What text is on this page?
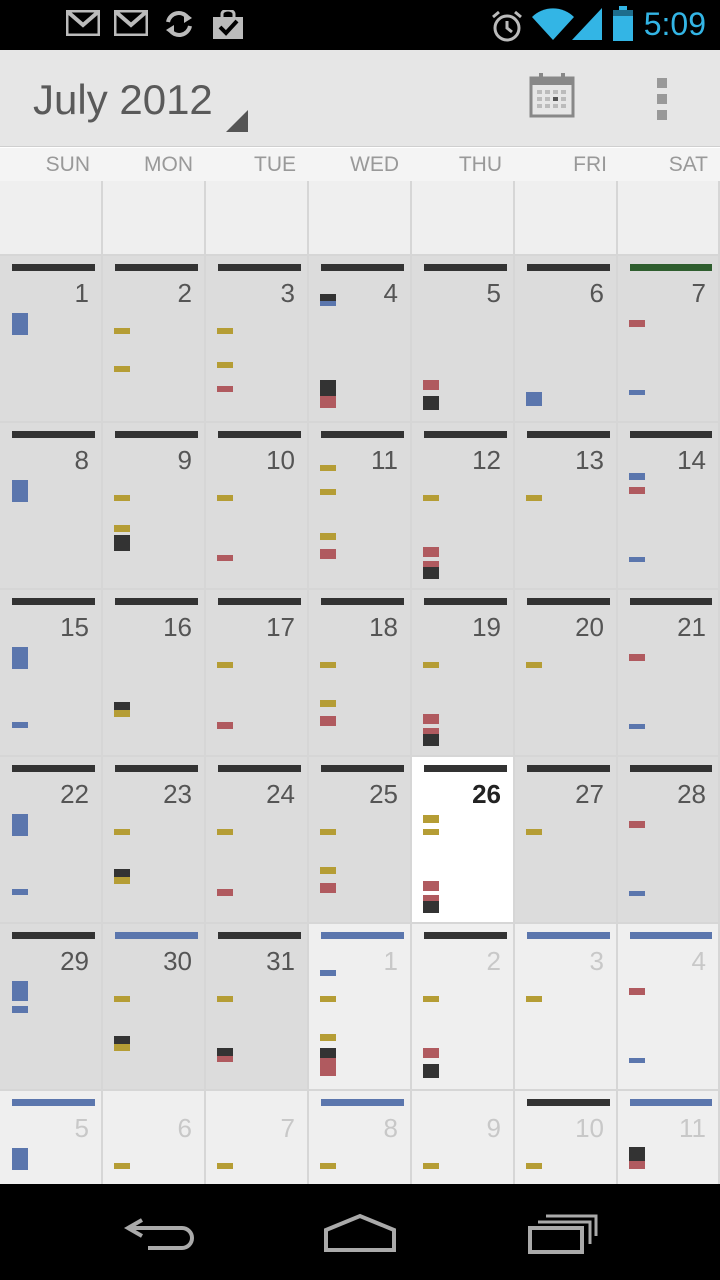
5:09
July 2012
SUN	MON	TUE	WED	THU	FRI	SAT
1	2	3	4	5	6	7
8	9	10	11	12	13	14
15	16	17	18	19	20	21
22	23	24	25	26	27	28
29	30	31	1	2	3	4
5	6	7	8	9	10	11
